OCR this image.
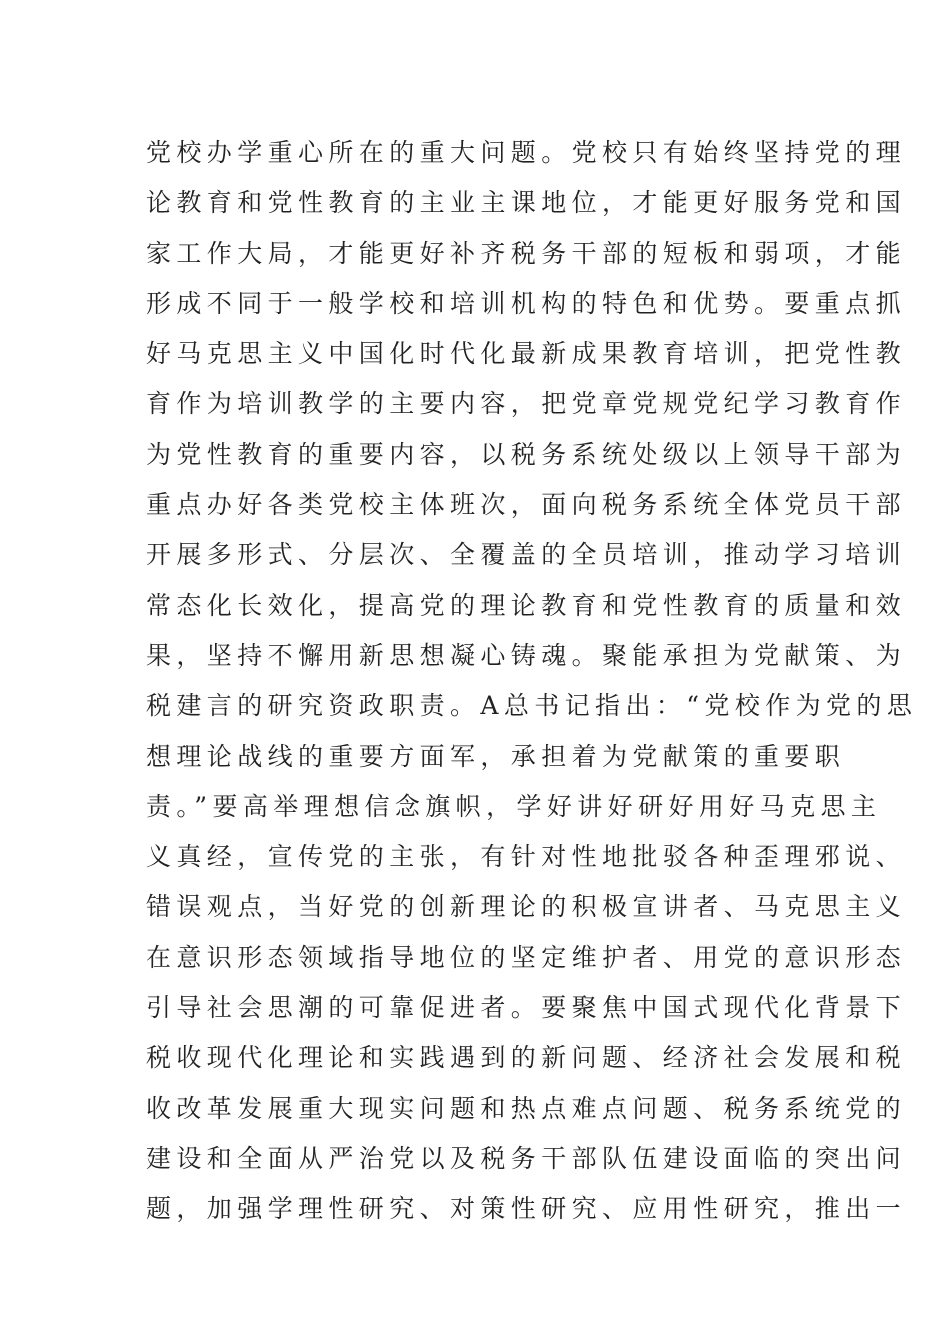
党校办学重心所在的重大问题。党校只有始终坚持党的理
论教育和党性教育的主业主课地位，才能更好服务党和国
家工作大局，才能更好补齐税务干部的短板和弱项，才能
形成不同于一般学校和培训机构的特色和优势。要重点抓
好马克思主义中国化时代化最新成果教育培训，把党性教
育作为培训教学的主要内容，把党章党规党纪学习教育作
为党性教育的重要内容，以税务系统处级以上领导干部为
重点办好各类党校主体班次，面向税务系统全体党员干部
开展多形式、分层次、全覆盖的全员培训，推动学习培训
常态化长效化，提高党的理论教育和党性教育的质量和效
果，坚持不懈用新思想凝心铸魂。聚能承担为党献策、为
税建言的研究资政职责。A总书记指出：“党校作为党的思
想理论战线的重要方面军，承担着为党献策的重要职
责。”要高举理想信念旗帜，学好讲好研好用好马克思主
义真经，宣传党的主张，有针对性地批驳各种歪理邪说、
错误观点，当好党的创新理论的积极宣讲者、马克思主义
在意识形态领域指导地位的坚定维护者、用党的意识形态
引导社会思潮的可靠促进者。要聚焦中国式现代化背景下
税收现代化理论和实践遇到的新问题、经济社会发展和税
收改革发展重大现实问题和热点难点问题、税务系统党的
建设和全面从严治党以及税务干部队伍建设面临的突出问
题，加强学理性研究、对策性研究、应用性研究，推出一
